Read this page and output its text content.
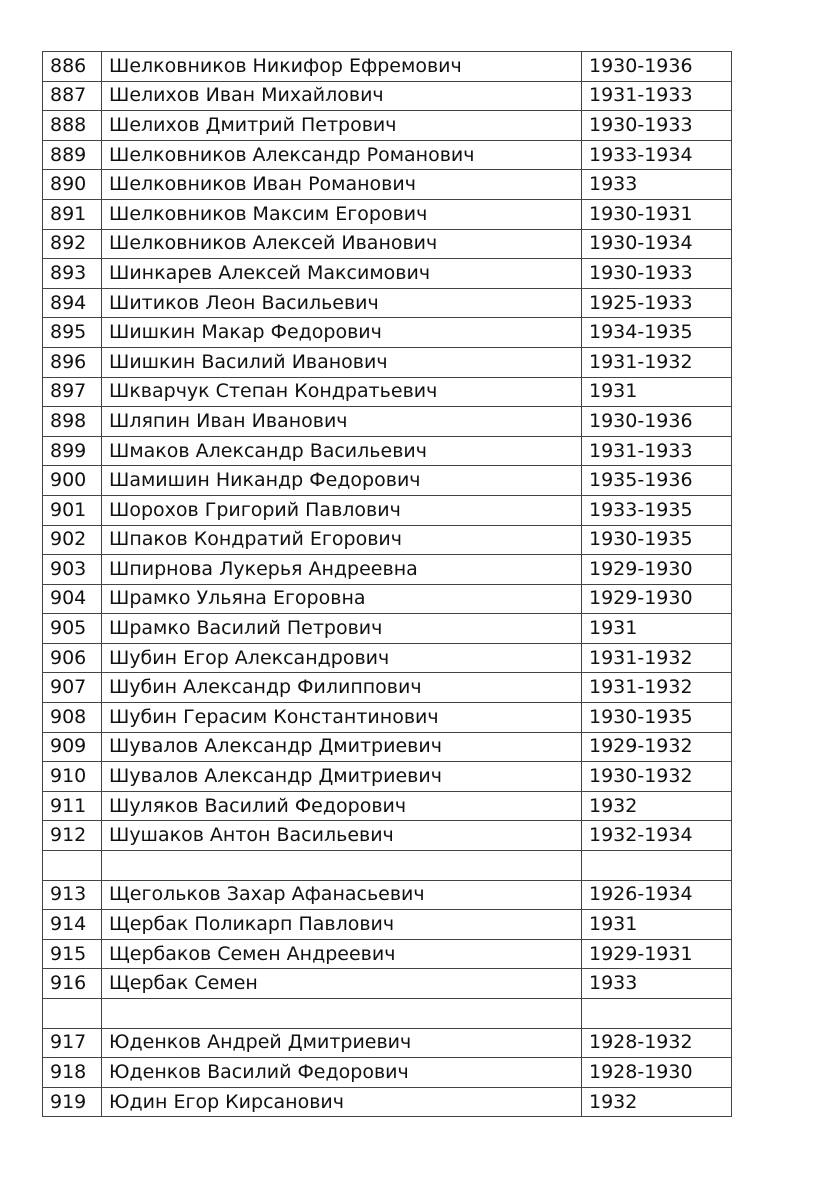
886	Шелковников Никифор Ефремович	1930-1936
887	Шелихов Иван Михайлович	1931-1933
888	Шелихов Дмитрий Петрович	1930-1933
889	Шелковников Александр Романович	1933-1934
890	Шелковников Иван Романович	1933
891	Шелковников Максим Егорович	1930-1931
892	Шелковников Алексей Иванович	1930-1934
893	Шинкарев Алексей Максимович	1930-1933
894	Шитиков Леон Васильевич	1925-1933
895	Шишкин Макар Федорович	1934-1935
896	Шишкин Василий Иванович	1931-1932
897	Шкварчук Степан Кондратьевич	1931
898	Шляпин Иван Иванович	1930-1936
899	Шмаков Александр Васильевич	1931-1933
900	Шамишин Никандр Федорович	1935-1936
901	Шорохов Григорий Павлович	1933-1935
902	Шпаков Кондратий Егорович	1930-1935
903	Шпирнова Лукерья Андреевна	1929-1930
904	Шрамко Ульяна Егоровна	1929-1930
905	Шрамко Василий Петрович	1931
906	Шубин Егор Александрович	1931-1932
907	Шубин Александр Филиппович	1931-1932
908	Шубин Герасим Константинович	1930-1935
909	Шувалов Александр Дмитриевич	1929-1932
910	Шувалов Александр Дмитриевич	1930-1932
911	Шуляков Василий Федорович	1932
912	Шушаков Антон Васильевич	1932-1934

913	Щегольков Захар Афанасьевич	1926-1934
914	Щербак Поликарп Павлович	1931
915	Щербаков Семен Андреевич	1929-1931
916	Щербак Семен	1933

917	Юденков Андрей Дмитриевич	1928-1932
918	Юденков Василий Федорович	1928-1930
919	Юдин Егор Кирсанович	1932
